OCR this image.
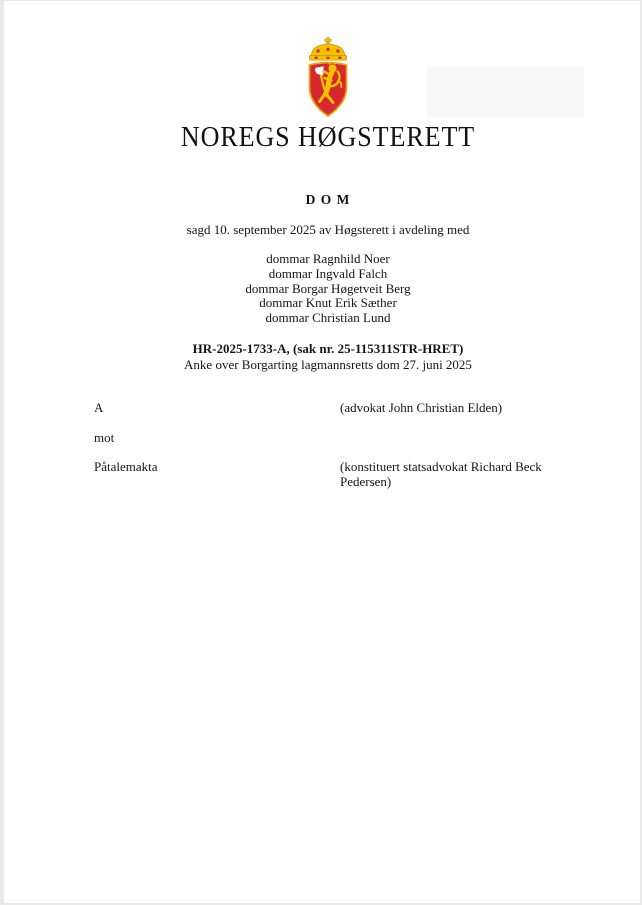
NOREGS HØGSTERETT
D O M
sagd 10. september 2025 av Høgsterett i avdeling med
dommar Ragnhild Noer
dommar Ingvald Falch
dommar Borgar Høgetveit Berg
dommar Knut Erik Sæther
dommar Christian Lund
HR-2025-1733-A, (sak nr. 25-115311STR-HRET)
Anke over Borgarting lagmannsretts dom 27. juni 2025
A	(advokat John Christian Elden)
mot
Påtalemakta	(konstituert statsadvokat Richard Beck Pedersen)
